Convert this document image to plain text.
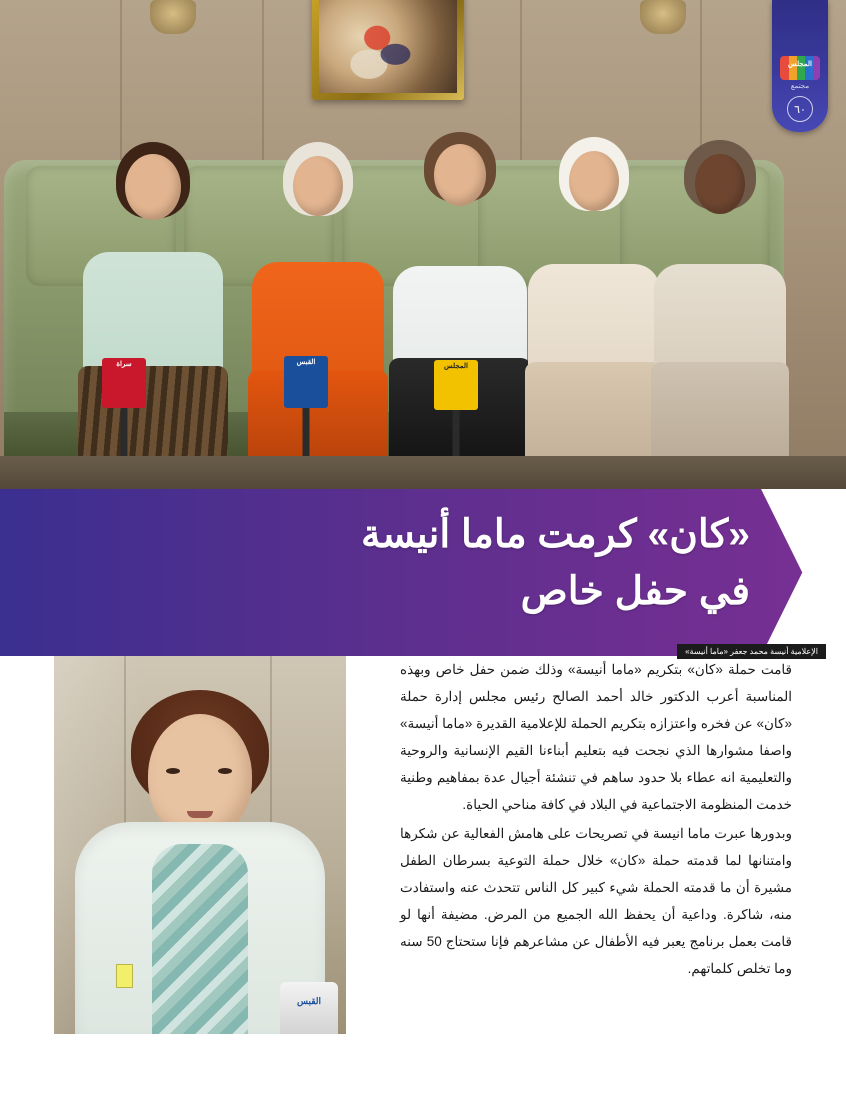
سراة	القبس
المجلس
المجلس
مجتمع
٦٠
«كان» كرمت ماما أنيسة
في حفل خاص
الإعلامية أنيسة محمد جعفر «ماما أنيسة»

قامت حملة «كان» بتكريم «ماما أنيسة» وذلك ضمن حفل خاص وبهذه المناسبة أعرب الدكتور خالد أحمد الصالح رئيس مجلس إدارة حملة «كان» عن فخره واعتزازه بتكريم الحملة للإعلامية القديرة «ماما أنيسة» واصفا مشوارها الذي نجحت فيه بتعليم أبناءنا القيم الإنسانية والروحية والتعليمية انه عطاء بلا حدود ساهم في تنشئة أجيال عدة بمفاهيم وطنية خدمت المنظومة الاجتماعية في البلاد في كافة مناحي الحياة.

وبدورها عبرت ماما انيسة في تصريحات على هامش الفعالية عن شكرها وامتنانها لما قدمته حملة «كان» خلال حملة التوعية بسرطان الطفل مشيرة أن ما قدمته الحملة شيء كبير كل الناس تتحدث عنه واستفادت منه، شاكرة. وداعية أن يحفظ الله الجميع من المرض. مضيفة أنها لو قامت بعمل برنامج يعبر فيه الأطفال عن مشاعرهم فإنا ستحتاج 50 سنه وما تخلص كلماتهم.

القبس
